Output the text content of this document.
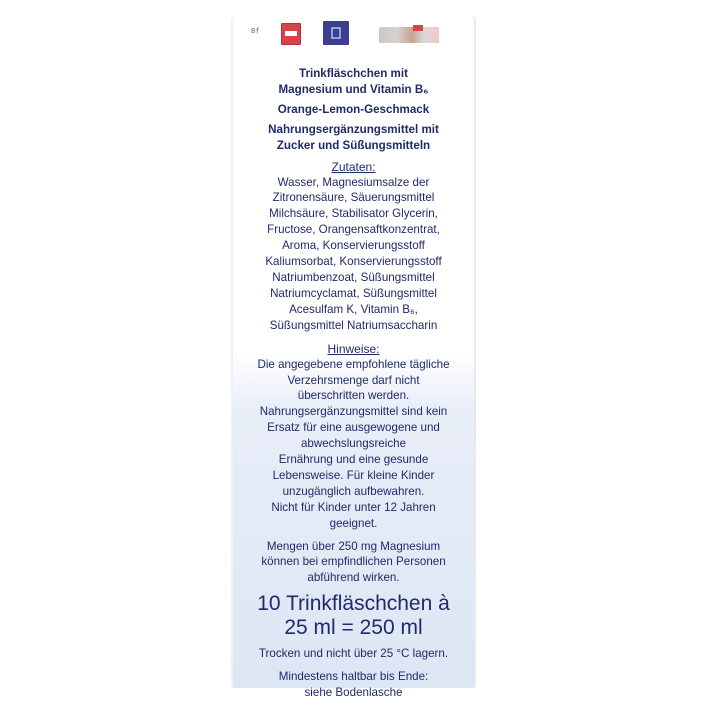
8f
Trinkfläschchen mit
Magnesium und Vitamin B₆
Orange-Lemon-Geschmack
Nahrungsergänzungsmittel mit
Zucker und Süßungsmitteln
Zutaten:
Wasser, Magnesiumsalze der
Zitronensäure, Säuerungsmittel
Milchsäure, Stabilisator Glycerin,
Fructose, Orangensaftkonzentrat,
Aroma, Konservierungsstoff
Kaliumsorbat, Konservierungsstoff
Natriumbenzoat, Süßungsmittel
Natriumcyclamat, Süßungsmittel
Acesulfam K, Vitamin B₆,
Süßungsmittel Natriumsaccharin
Hinweise:
Die angegebene empfohlene tägliche
Verzehrsmenge darf nicht
überschritten werden.
Nahrungsergänzungsmittel sind kein
Ersatz für eine ausgewogene und
abwechslungsreiche
Ernährung und eine gesunde
Lebensweise. Für kleine Kinder
unzugänglich aufbewahren.
Nicht für Kinder unter 12 Jahren
geeignet.
Mengen über 250 mg Magnesium
können bei empfindlichen Personen
abführend wirken.
10 Trinkfläschchen à
25 ml = 250 ml
Trocken und nicht über 25 °C lagern.
Mindestens haltbar bis Ende:
siehe Bodenlasche
